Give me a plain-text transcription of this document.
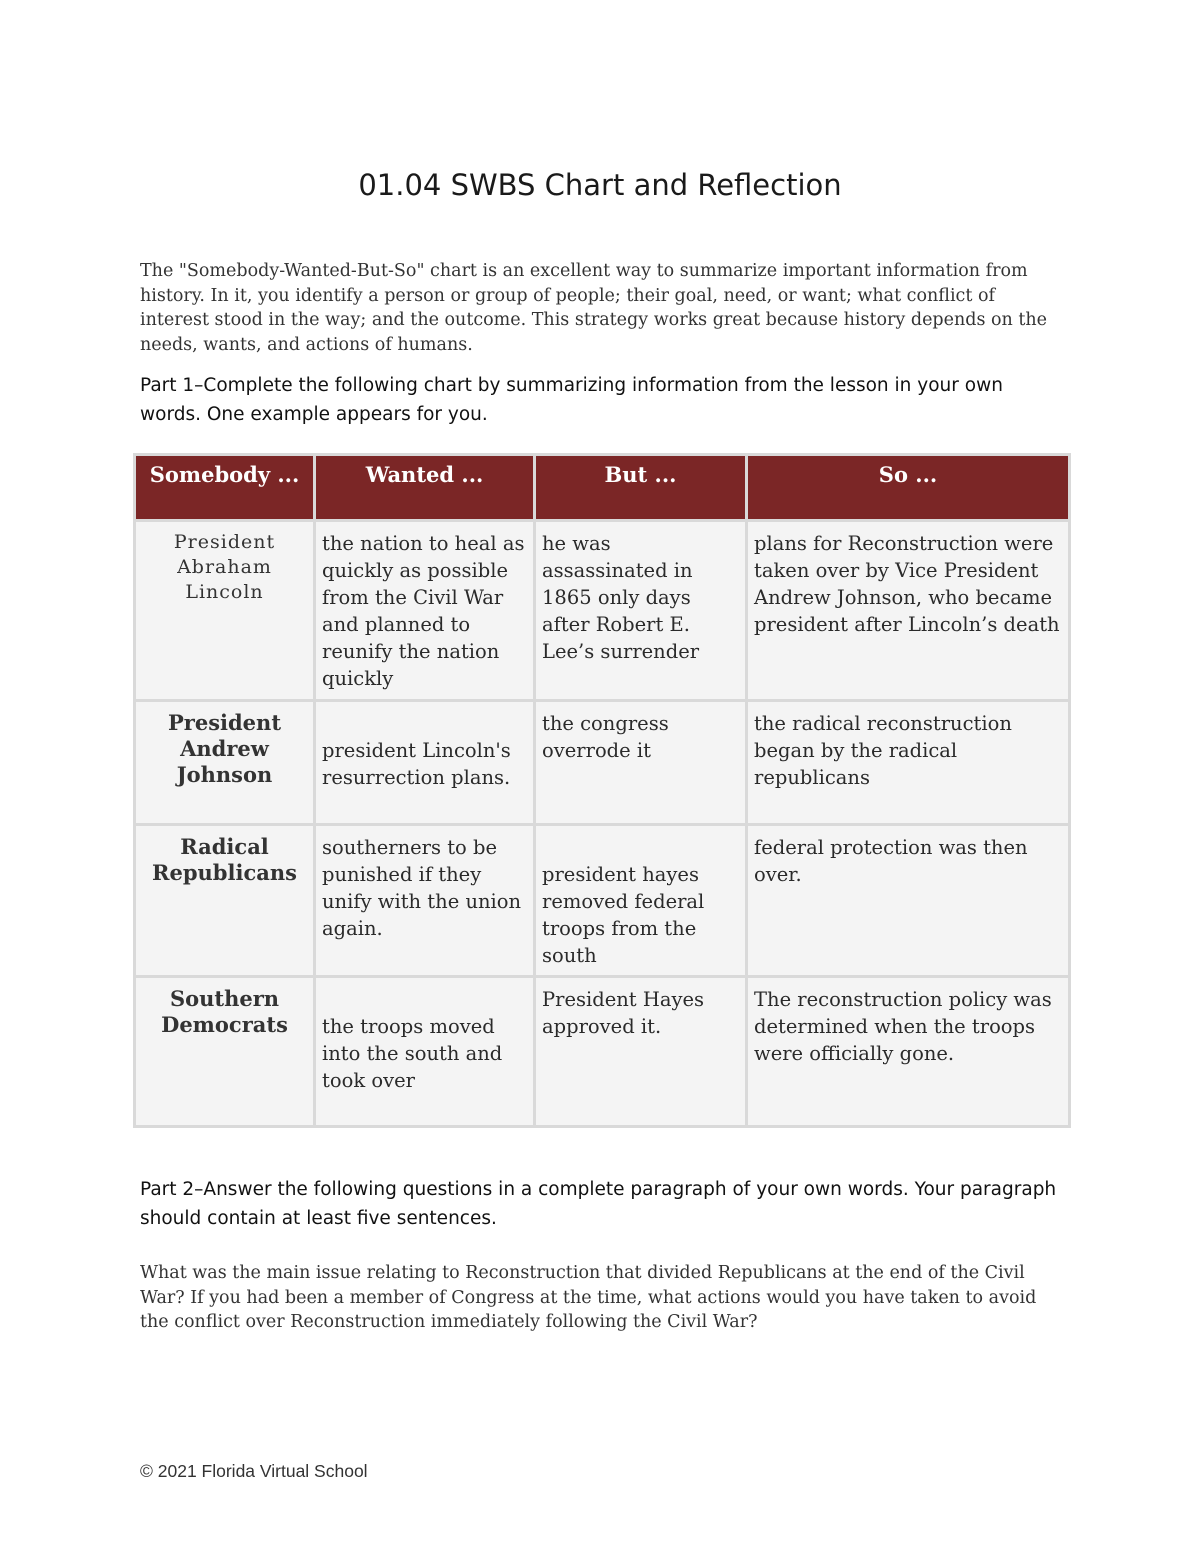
01.04 SWBS Chart and Reflection
The "Somebody-Wanted-But-So" chart is an excellent way to summarize important information from history. In it, you identify a person or group of people; their goal, need, or want; what conflict of interest stood in the way; and the outcome. This strategy works great because history depends on the needs, wants, and actions of humans.
Part 1–Complete the following chart by summarizing information from the lesson in your own words. One example appears for you.
Somebody ...	Wanted ...	But ...	So ...
President Abraham Lincoln	the nation to heal as quickly as possible from the Civil War and planned to reunify the nation quickly	he was assassinated in 1865 only days after Robert E. Lee’s surrender	plans for Reconstruction were taken over by Vice President Andrew Johnson, who became president after Lincoln’s death
President Andrew Johnson	president Lincoln's resurrection plans.	the congress overrode it	the radical reconstruction began by the radical republicans
Radical Republicans	southerners to be punished if they unify with the union again.	president hayes removed federal troops from the south	federal protection was then over.
Southern Democrats	the troops moved into the south and took over	President Hayes approved it.	The reconstruction policy was determined when the troops were officially gone.
Part 2–Answer the following questions in a complete paragraph of your own words. Your paragraph should contain at least five sentences.
What was the main issue relating to Reconstruction that divided Republicans at the end of the Civil War? If you had been a member of Congress at the time, what actions would you have taken to avoid the conflict over Reconstruction immediately following the Civil War?
© 2021 Florida Virtual School
